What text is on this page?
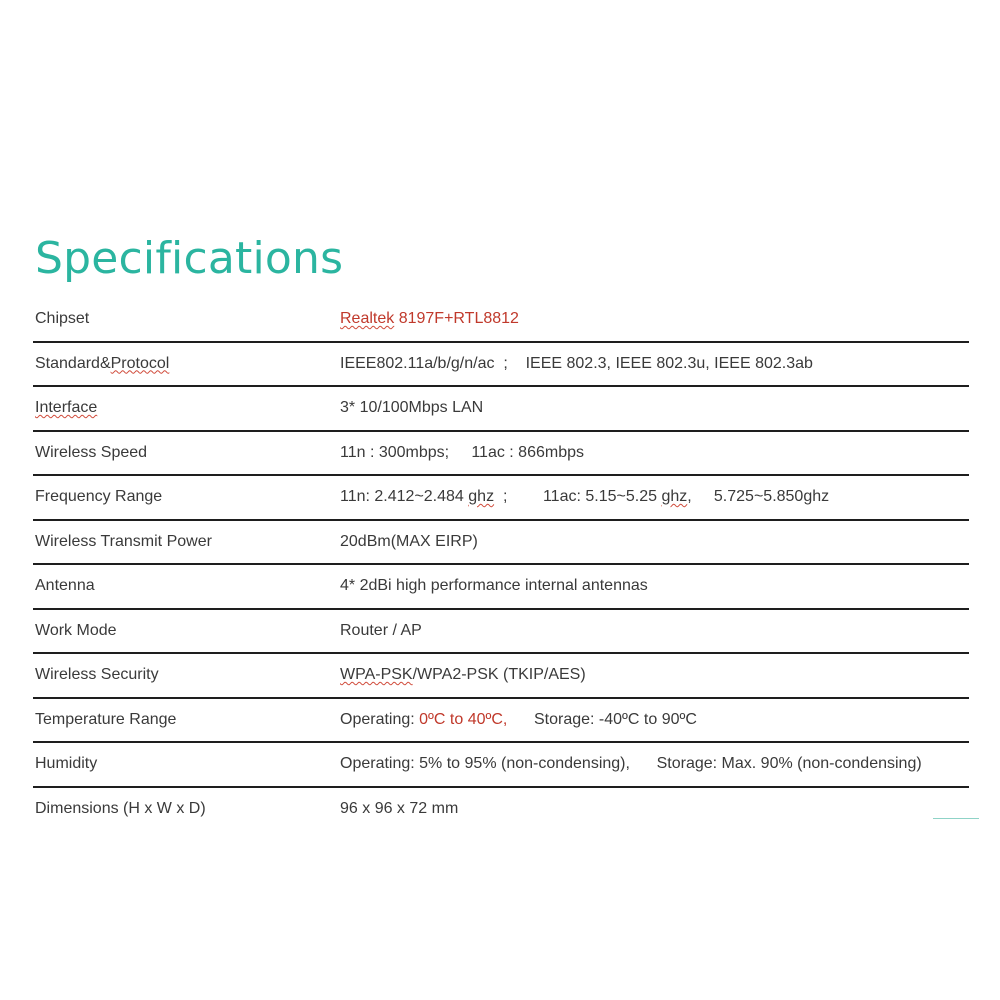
Specifications
Chipset	Realtek 8197F+RTL8812
Standard&Protocol	IEEE802.11a/b/g/n/ac  ;    IEEE 802.3, IEEE 802.3u, IEEE 802.3ab
Interface	3* 10/100Mbps LAN
Wireless Speed	11n : 300mbps;     11ac : 866mbps
Frequency Range	11n: 2.412~2.484 ghz  ;        11ac: 5.15~5.25 ghz,     5.725~5.850ghz
Wireless Transmit Power	20dBm(MAX EIRP)
Antenna	4* 2dBi high performance internal antennas
Work Mode	Router / AP
Wireless Security	WPA-PSK/WPA2-PSK (TKIP/AES)
Temperature Range	Operating: 0ºC to 40ºC,      Storage: -40ºC to 90ºC
Humidity	Operating: 5% to 95% (non-condensing),      Storage: Max. 90% (non-condensing)
Dimensions (H x W x D)	96 x 96 x 72 mm
